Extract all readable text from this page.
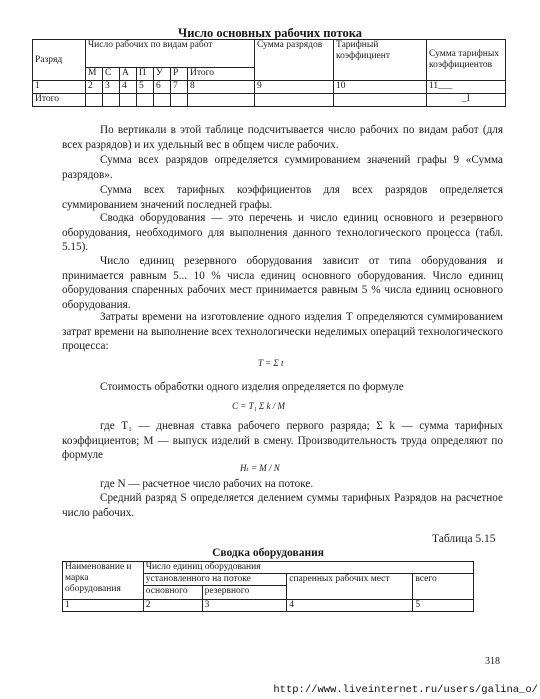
Число основных рабочих потока
Разряд	Число рабочих по видам работ							Сумма разрядов	Тарифный коэффициент	Сумма тарифных коэффициентов
	М	С	А	П	У	Р	Итого			
1	2	3	4	5	6	7	8	9	10	11___
Итого										_I
По вертикали в этой таблице подсчитывается число рабочих по видам работ (для всех разрядов) и их удельный вес в общем числе рабочих.
Сумма всех разрядов определяется суммированием значений графы 9 «Сумма разрядов».
Сумма всех тарифных коэффициентов для всех разрядов определяется суммированием значений последней графы.
Сводка оборудования — это перечень и число единиц основного и резервного оборудования, необходимого для выполнения данного технологического процесса (табл. 5.15).
Число единиц резервного оборудования зависит от типа оборудования и принимается равным 5... 10 % числа единиц основного оборудования. Число единиц оборудования спаренных рабочих мест принимается равным 5 % числа единиц основного оборудования.
Затраты времени на изготовление одного изделия T определяются суммированием затрат времени на выполнение всех технологически неделимых операций технологического процесса:
T = Σ t
Стоимость обработки одного изделия определяется по формуле
C = T₁ Σ k / M
где T₁ — дневная ставка рабочего первого разряда; Σ k — сумма тарифных коэффициентов; M — выпуск изделий в смену. Производительность труда определяют по формуле
Hₜ = M / N
где N — расчетное число рабочих на потоке.
Средний разряд S определяется делением суммы тарифных Разрядов на расчетное число рабочих.
Таблица 5.15
Сводка оборудования
Наименование и марка оборудования	Число единиц оборудования			
	установленного на потоке		спаренных рабочих мест	всего
	основного	резервного		
1	2	3	4	5
318
http://www.liveinternet.ru/users/galina_o/
